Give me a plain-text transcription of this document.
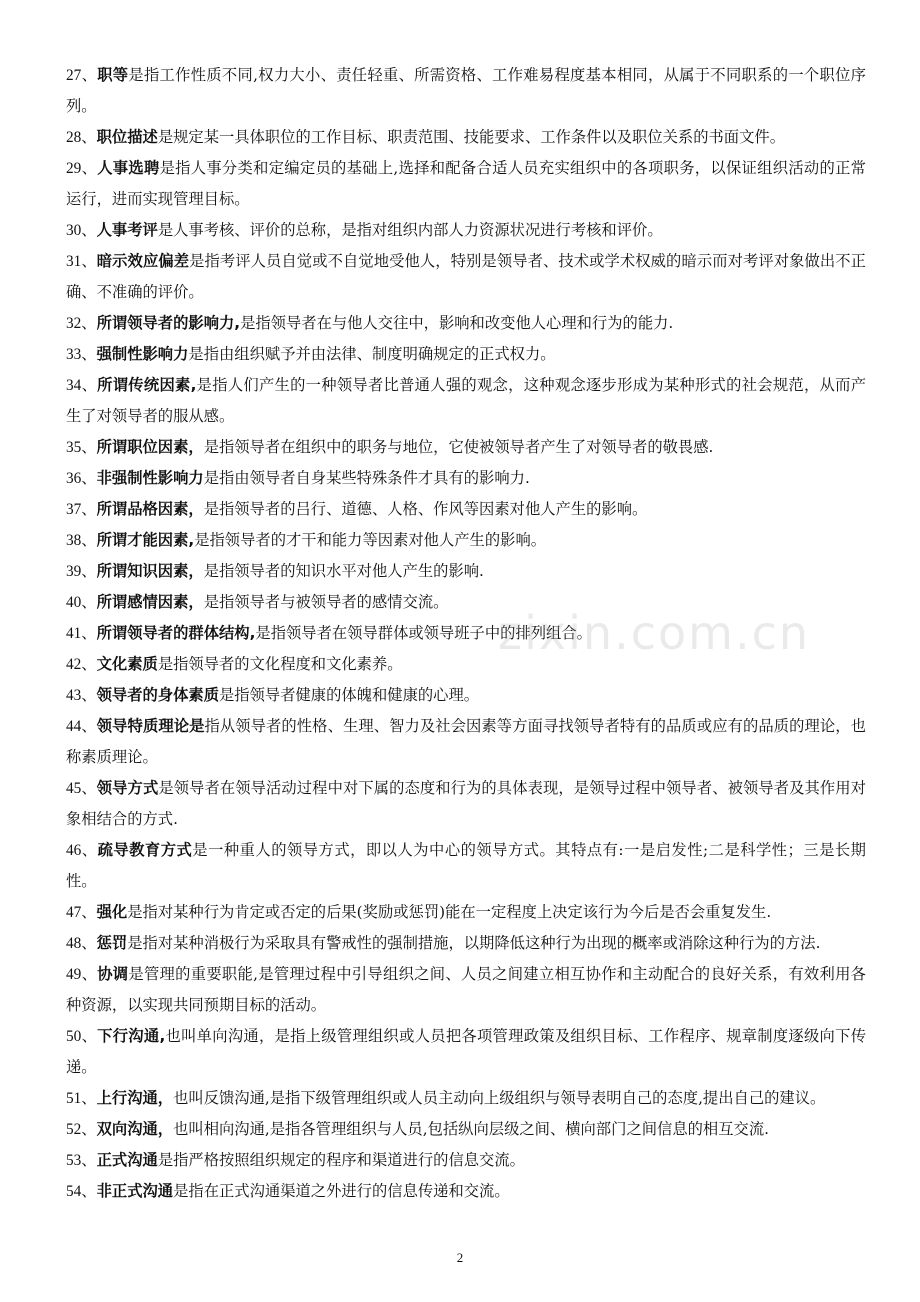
27、职等是指工作性质不同,权力大小、责任轻重、所需资格、工作难易程度基本相同，从属于不同职系的一个职位序列。

28、职位描述是规定某一具体职位的工作目标、职责范围、技能要求、工作条件以及职位关系的书面文件。

29、人事选聘是指人事分类和定编定员的基础上,选择和配备合适人员充实组织中的各项职务，以保证组织活动的正常运行，进而实现管理目标。

30、人事考评是人事考核、评价的总称，是指对组织内部人力资源状况进行考核和评价。

31、暗示效应偏差是指考评人员自觉或不自觉地受他人，特别是领导者、技术或学术权威的暗示而对考评对象做出不正确、不准确的评价。

32、所谓领导者的影响力,是指领导者在与他人交往中，影响和改变他人心理和行为的能力.

33、强制性影响力是指由组织赋予并由法律、制度明确规定的正式权力。

34、所谓传统因素,是指人们产生的一种领导者比普通人强的观念，这种观念逐步形成为某种形式的社会规范，从而产生了对领导者的服从感。

35、所谓职位因素，是指领导者在组织中的职务与地位，它使被领导者产生了对领导者的敬畏感.

36、非强制性影响力是指由领导者自身某些特殊条件才具有的影响力.

37、所谓品格因素，是指领导者的吕行、道德、人格、作风等因素对他人产生的影响。

38、所谓才能因素,是指领导者的才干和能力等因素对他人产生的影响。

39、所谓知识因素，是指领导者的知识水平对他人产生的影响.

40、所谓感情因素，是指领导者与被领导者的感情交流。

41、所谓领导者的群体结构,是指领导者在领导群体或领导班子中的排列组合。

42、文化素质是指领导者的文化程度和文化素养。

43、领导者的身体素质是指领导者健康的体魄和健康的心理。

44、领导特质理论是指从领导者的性格、生理、智力及社会因素等方面寻找领导者特有的品质或应有的品质的理论，也称素质理论。

45、领导方式是领导者在领导活动过程中对下属的态度和行为的具体表现，是领导过程中领导者、被领导者及其作用对象相结合的方式.

46、疏导教育方式是一种重人的领导方式，即以人为中心的领导方式。其特点有:一是启发性;二是科学性；三是长期性。

47、强化是指对某种行为肯定或否定的后果(奖励或惩罚)能在一定程度上决定该行为今后是否会重复发生.

48、惩罚是指对某种消极行为采取具有警戒性的强制措施，以期降低这种行为出现的概率或消除这种行为的方法.

49、协调是管理的重要职能,是管理过程中引导组织之间、人员之间建立相互协作和主动配合的良好关系，有效利用各种资源，以实现共同预期目标的活动。

50、下行沟通,也叫单向沟通，是指上级管理组织或人员把各项管理政策及组织目标、工作程序、规章制度逐级向下传递。

51、上行沟通，也叫反馈沟通,是指下级管理组织或人员主动向上级组织与领导表明自己的态度,提出自己的建议。

52、双向沟通，也叫相向沟通,是指各管理组织与人员,包括纵向层级之间、横向部门之间信息的相互交流.

53、正式沟通是指严格按照组织规定的程序和渠道进行的信息交流。

54、非正式沟通是指在正式沟通渠道之外进行的信息传递和交流。

zixin.com.cn
2
